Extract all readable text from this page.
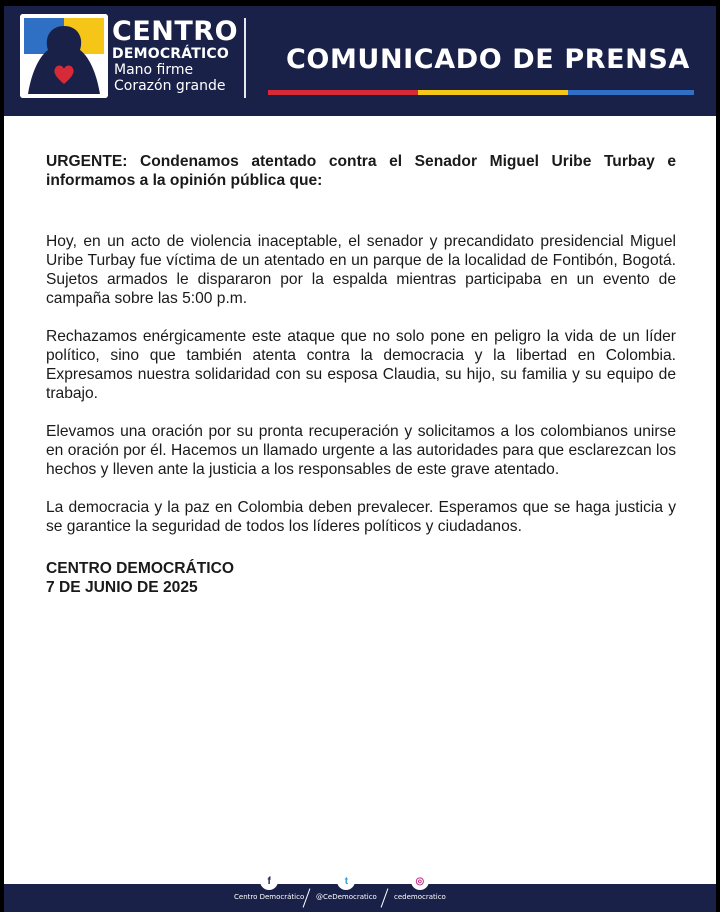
CENTRO
DEMOCRÁTICO
Mano firme
Corazón grande
COMUNICADO DE PRENSA

URGENTE: Condenamos atentado contra el Senador Miguel Uribe Turbay e informamos a la opinión pública que:

Hoy, en un acto de violencia inaceptable, el senador y precandidato presidencial Miguel Uribe Turbay fue víctima de un atentado en un parque de la localidad de Fontibón, Bogotá. Sujetos armados le dispararon por la espalda mientras participaba en un evento de campaña sobre las 5:00 p.m.

Rechazamos enérgicamente este ataque que no solo pone en peligro la vida de un líder político, sino que también atenta contra la democracia y la libertad en Colombia. Expresamos nuestra solidaridad con su esposa Claudia, su hijo, su familia y su equipo de trabajo.

Elevamos una oración por su pronta recuperación y solicitamos a los colombianos unirse en oración por él. Hacemos un llamado urgente a las autoridades para que esclarezcan los hechos y lleven ante la justicia a los responsables de este grave atentado.

La democracia y la paz en Colombia deben prevalecer. Esperamos que se haga justicia y se garantice la seguridad de todos los líderes políticos y ciudadanos.

CENTRO DEMOCRÁTICO
7 DE JUNIO DE 2025
f
Centro Democrático
t
@CeDemocratico
◎
cedemocratico
